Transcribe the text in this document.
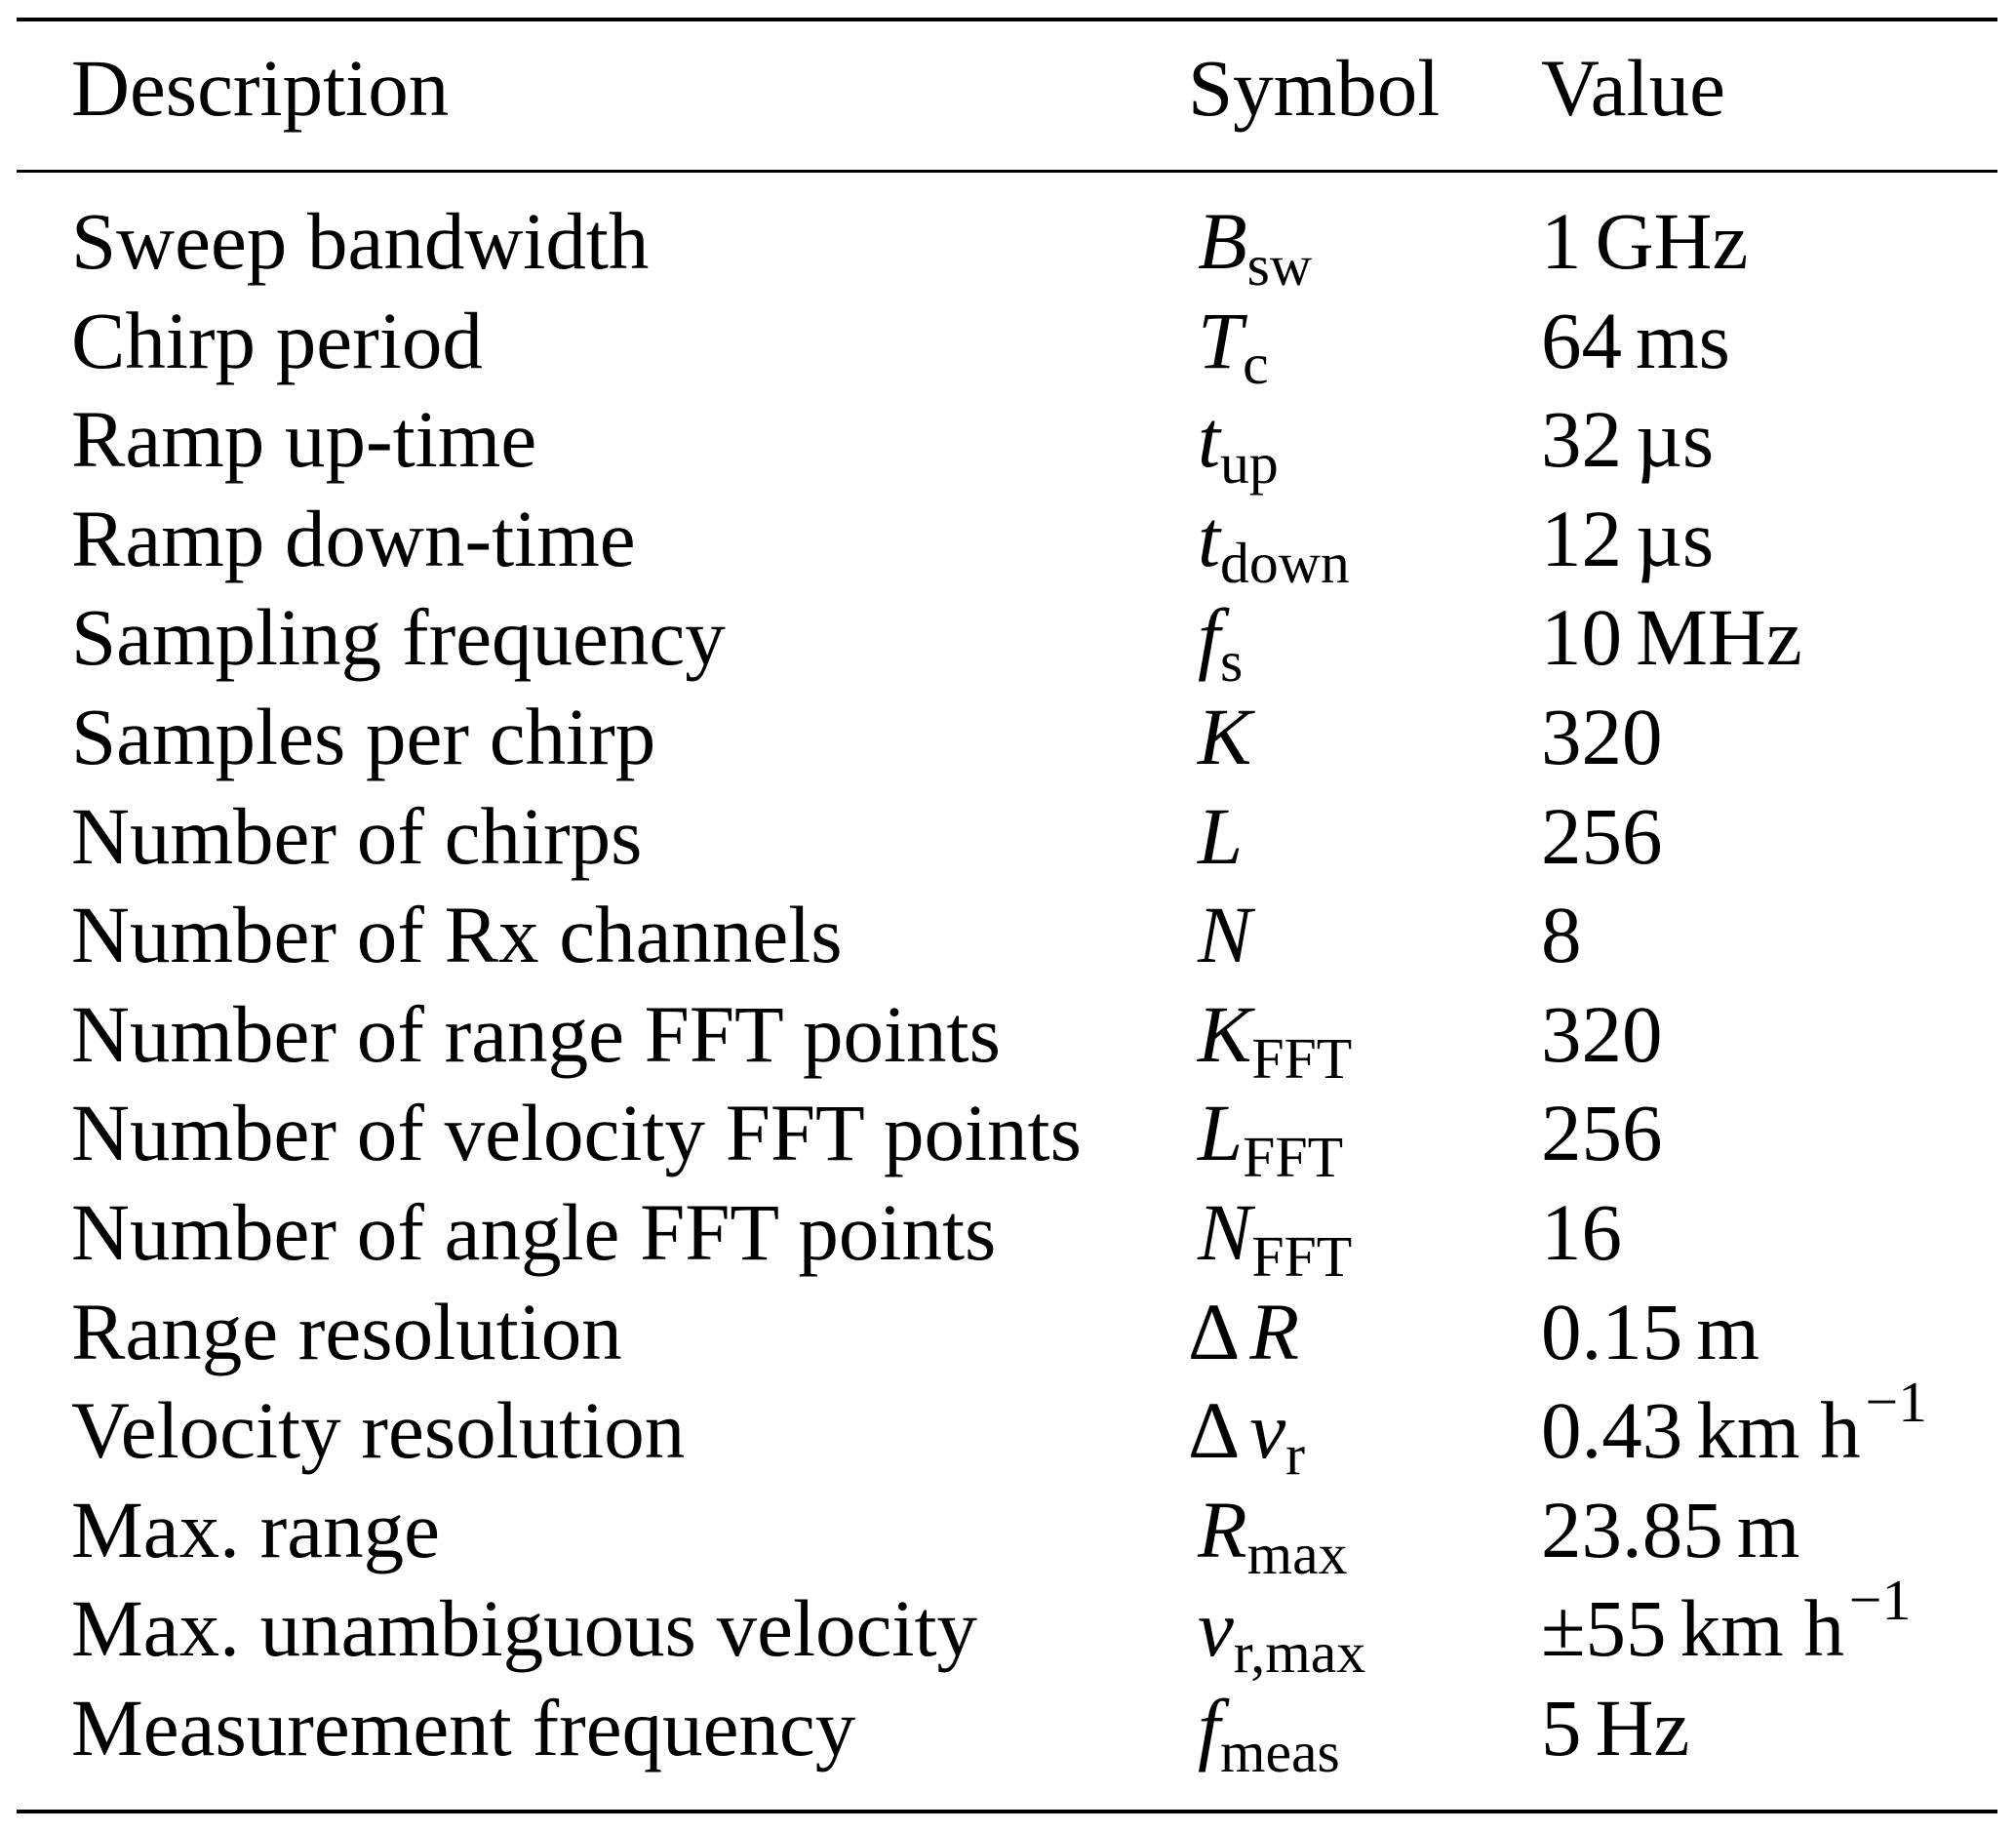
Description	Symbol Value
Sweep bandwidth	$B_{sw}$	1 GHz
Chirp period	$T_c$	64 ms
Ramp up-time	$t_{up}$	32 µs
Ramp down-time	$t_{down}$ 12 µs
Sampling frequency	$f_s$	10 MHz
Samples per chirp	K	320
Number of chirps	L	256
Number of Rx channels	N	8
Number of range FFT points $K_{FFT}$ 320
Number of velocity FFT points $L_{FFT}$ 256
Number of angle FFT points $N_{FFT}$ 16
Range resolution	Δ R	0.15 m
Velocity resolution	Δ $v_r$	0.43 km $h^{-1}$
Max. range	$R_{max}$ 23.85 m
Max. unambiguous velocity	$v_{r,max} \pm 55$ km $h^{-1}$
Measurement frequency	$f_{meas}$ 5 Hz
